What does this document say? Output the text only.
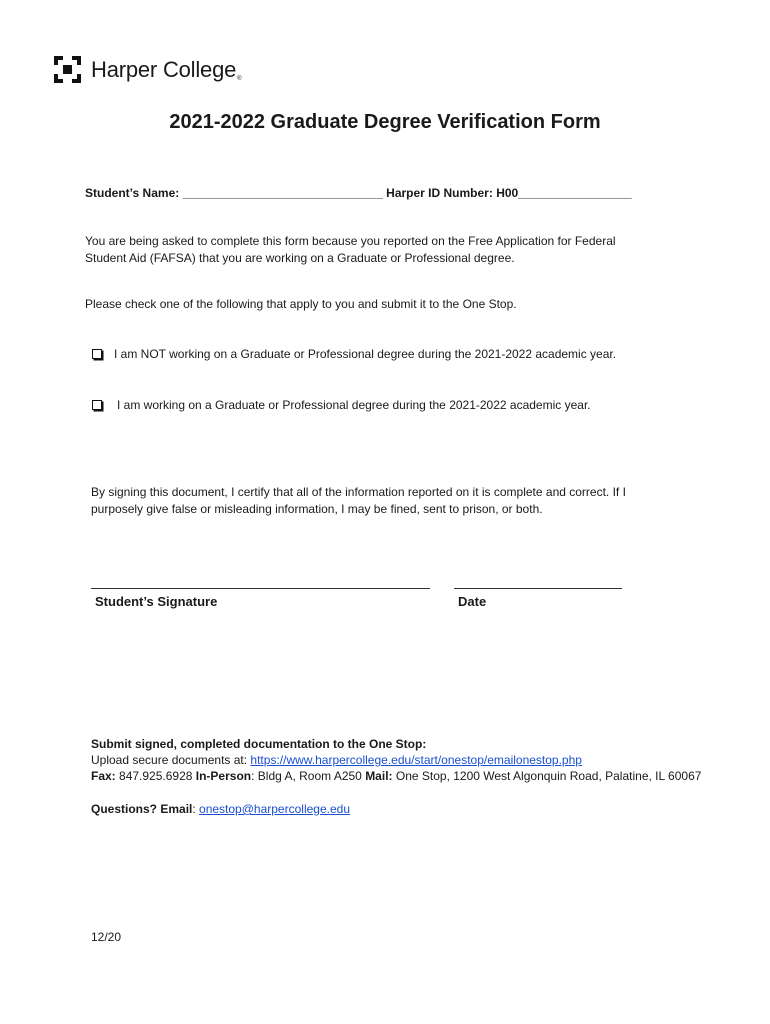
Harper College ®
2021-2022 Graduate Degree Verification Form
Student’s Name: ______________________________ Harper ID Number: H00_________________
You are being asked to complete this form because you reported on the Free Application for Federal
Student Aid (FAFSA) that you are working on a Graduate or Professional degree.
Please check one of the following that apply to you and submit it to the One Stop.
I am NOT working on a Graduate or Professional degree during the 2021-2022 academic year.
I am working on a Graduate or Professional degree during the 2021-2022 academic year.
By signing this document, I certify that all of the information reported on it is complete and correct. If I
purposely give false or misleading information, I may be fined, sent to prison, or both.
Student’s Signature	Date
Submit signed, completed documentation to the One Stop:
Upload secure documents at: https://www.harpercollege.edu/start/onestop/emailonestop.php
Fax: 847.925.6928 In-Person: Bldg A, Room A250 Mail: One Stop, 1200 West Algonquin Road, Palatine, IL 60067
Questions? Email: onestop@harpercollege.edu
12/20
